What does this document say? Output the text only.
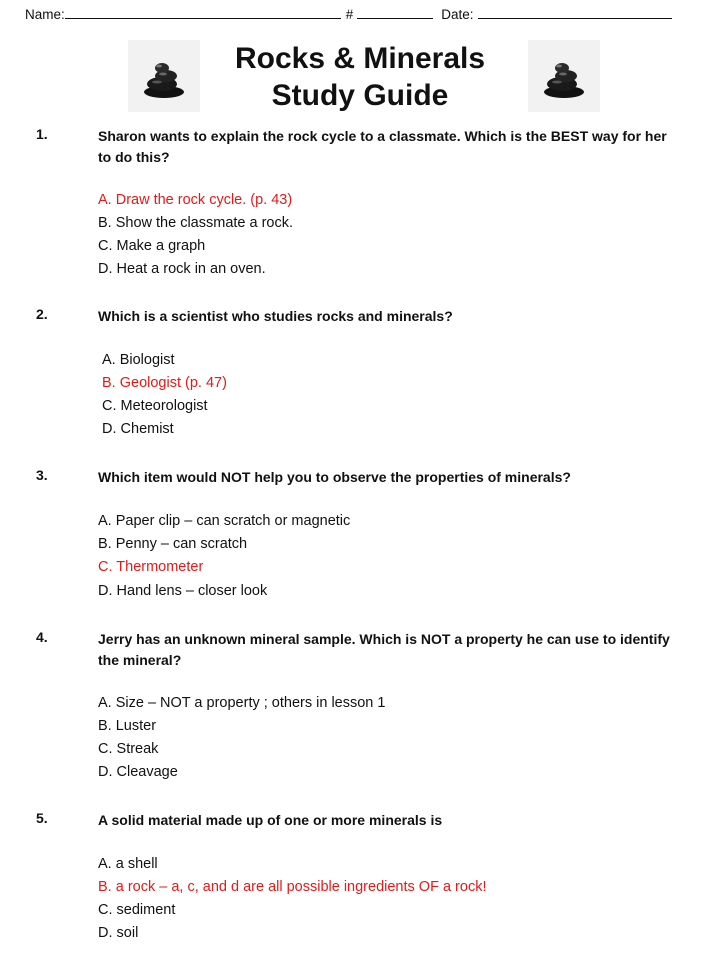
Name:	#	Date:
Rocks & Minerals
Study Guide
1.	Sharon wants to explain the rock cycle to a classmate. Which is the BEST way for her to do this?
A. Draw the rock cycle. (p. 43)
B. Show the classmate a rock.
C. Make a graph
D. Heat a rock in an oven.
2.	Which is a scientist who studies rocks and minerals?
A. Biologist
B. Geologist (p. 47)
C. Meteorologist
D. Chemist
3.	Which item would NOT help you to observe the properties of minerals?
A. Paper clip – can scratch or magnetic
B. Penny – can scratch
C. Thermometer
D. Hand lens – closer look
4.	Jerry has an unknown mineral sample. Which is NOT a property he can use to identify the mineral?
A. Size – NOT a property ; others in lesson 1
B. Luster
C. Streak
D. Cleavage
5.	A solid material made up of one or more minerals is
A. a shell
B. a rock – a, c, and d are all possible ingredients OF a rock!
C. sediment
D. soil
